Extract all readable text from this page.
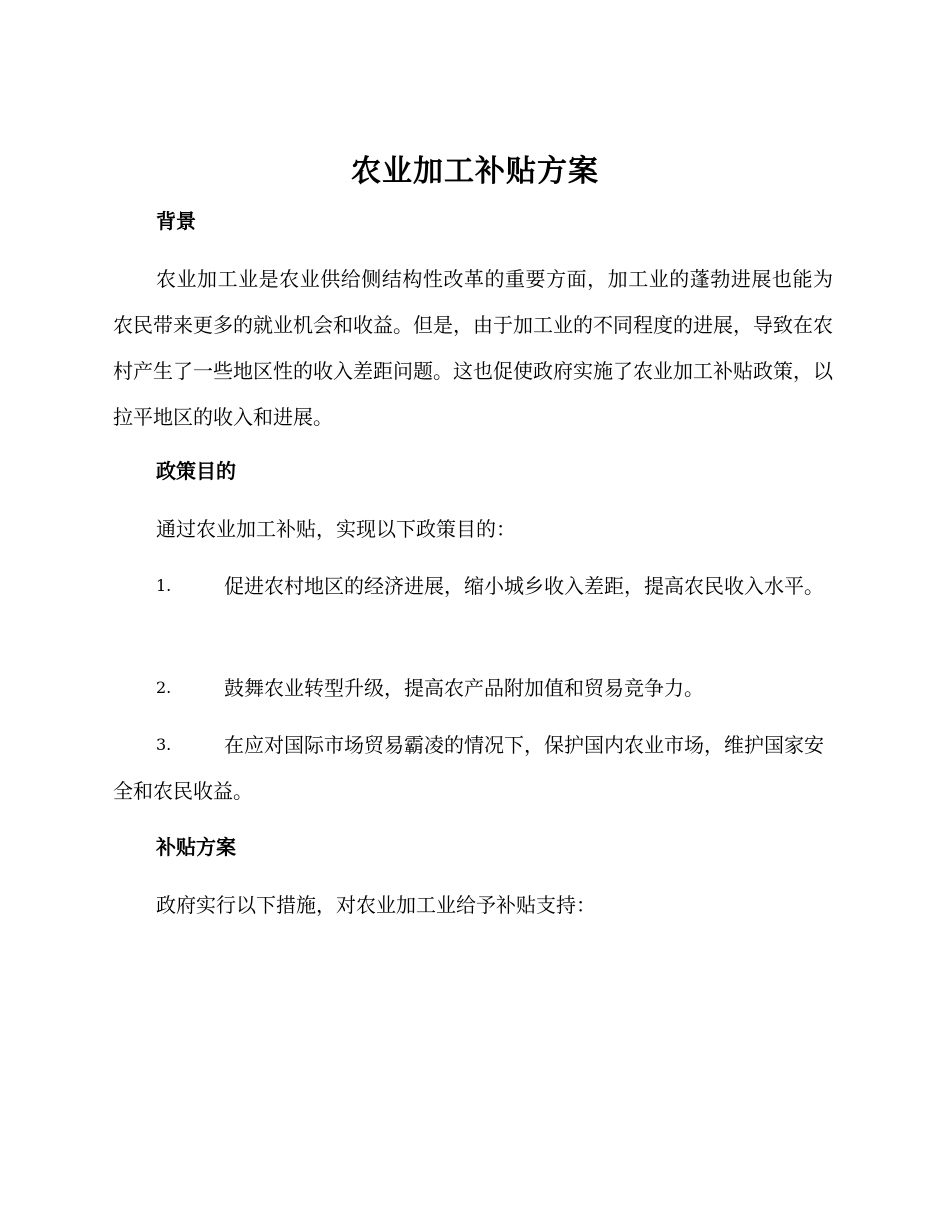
农业加工补贴方案
背景
农业加工业是农业供给侧结构性改革的重要方面，加工业的蓬勃进展也能为农民带来更多的就业机会和收益。但是，由于加工业的不同程度的进展，导致在农村产生了一些地区性的收入差距问题。这也促使政府实施了农业加工补贴政策，以拉平地区的收入和进展。
政策目的
通过农业加工补贴，实现以下政策目的：
1.	促进农村地区的经济进展，缩小城乡收入差距，提高农民收入水平。
2.	鼓舞农业转型升级，提高农产品附加值和贸易竞争力。
3.	在应对国际市场贸易霸凌的情况下，保护国内农业市场，维护国家安全和农民收益。
补贴方案
政府实行以下措施，对农业加工业给予补贴支持：
